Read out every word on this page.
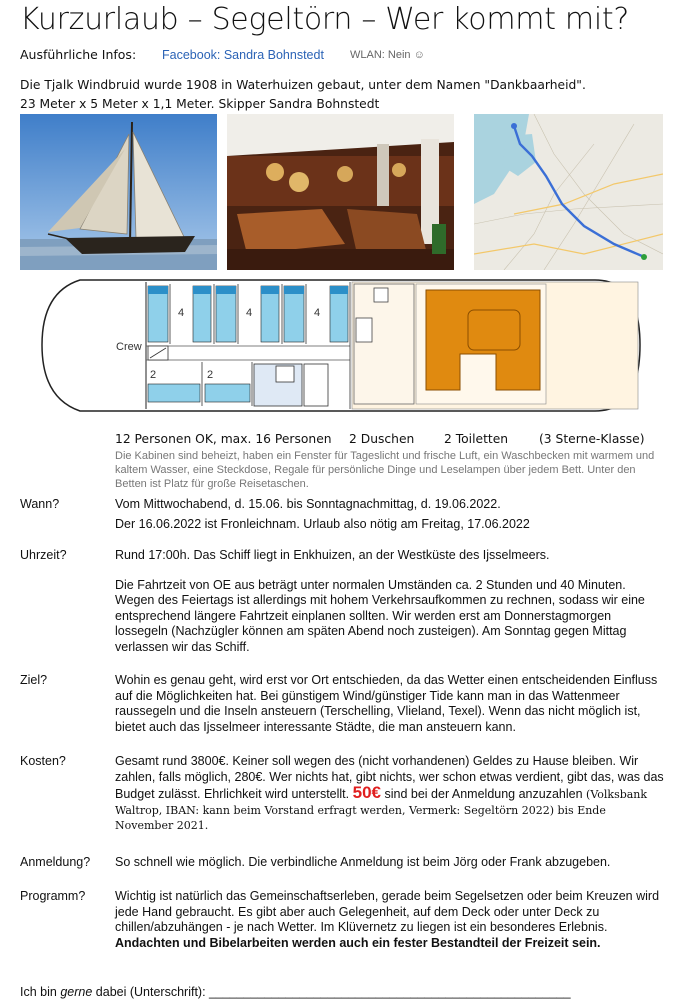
Kurzurlaub – Segeltörn – Wer kommt mit?
Ausführliche Infos: Facebook: Sandra Bohnstedt WLAN: Nein ☺
Die Tjalk Windbruid wurde 1908 in Waterhuizen gebaut, unter dem Namen "Dankbaarheid".
23 Meter x 5 Meter x 1,1 Meter. Skipper Sandra Bohnstedt
Crew
4	4	4
2	2
12 Personen OK, max. 16 Personen 2 Duschen 2 Toiletten	(3 Sterne-Klasse)
Die Kabinen sind beheizt, haben ein Fenster für Tageslicht und frische Luft, ein Waschbecken mit warmem und kaltem Wasser, eine Steckdose, Regale für persönliche Dinge und Leselampen über jedem Bett. Unter den Betten ist Platz für große Reisetaschen.
Wann?	Vom Mittwochabend, d. 15.06. bis Sonntagnachmittag, d. 19.06.2022.

Der 16.06.2022 ist Fronleichnam. Urlaub also nötig am Freitag, 17.06.2022

Uhrzeit?	Rund 17:00h. Das Schiff liegt in Enkhuizen, an der Westküste des Ijsselmeers.

Die Fahrtzeit von OE aus beträgt unter normalen Umständen ca. 2 Stunden und 40 Minuten. Wegen des Feiertags ist allerdings mit hohem Verkehrsaufkommen zu rechnen, sodass wir eine entsprechend längere Fahrtzeit einplanen sollten. Wir werden erst am Donnerstagmorgen lossegeln (Nachzügler können am späten Abend noch zusteigen). Am Sonntag gegen Mittag verlassen wir das Schiff.

Ziel?	Wohin es genau geht, wird erst vor Ort entschieden, da das Wetter einen entscheidenden Einfluss auf die Möglichkeiten hat. Bei günstigem Wind/günstiger Tide kann man in das Wattenmeer raussegeln und die Inseln ansteuern (Terschelling, Vlieland, Texel). Wenn das nicht möglich ist, bietet auch das Ijsselmeer interessante Städte, die man ansteuern kann.
Kosten?	Gesamt rund 3800€. Keiner soll wegen des (nicht vorhandenen) Geldes zu Hause bleiben. Wir zahlen, falls möglich, 280€. Wer nichts hat, gibt nichts, wer schon etwas verdient, gibt das, was das Budget zulässt. Ehrlichkeit wird unterstellt. 50€ sind bei der Anmeldung anzuzahlen (Volksbank Waltrop, IBAN: kann beim Vorstand erfragt werden, Vermerk: Segeltörn 2022) bis Ende November 2021.
Anmeldung? So schnell wie möglich. Die verbindliche Anmeldung ist beim Jörg oder Frank abzugeben.
Programm? Wichtig ist natürlich das Gemeinschaftserleben, gerade beim Segelsetzen oder beim Kreuzen wird jede Hand gebraucht. Es gibt aber auch Gelegenheit, auf dem Deck oder unter Deck zu chillen/abzuhängen - je nach Wetter. Im Klüvernetz zu liegen ist ein besonderes Erlebnis. Andachten und Bibelarbeiten werden auch ein fester Bestandteil der Freizeit sein.
Ich bin gerne dabei (Unterschrift): ____________________________________________________
